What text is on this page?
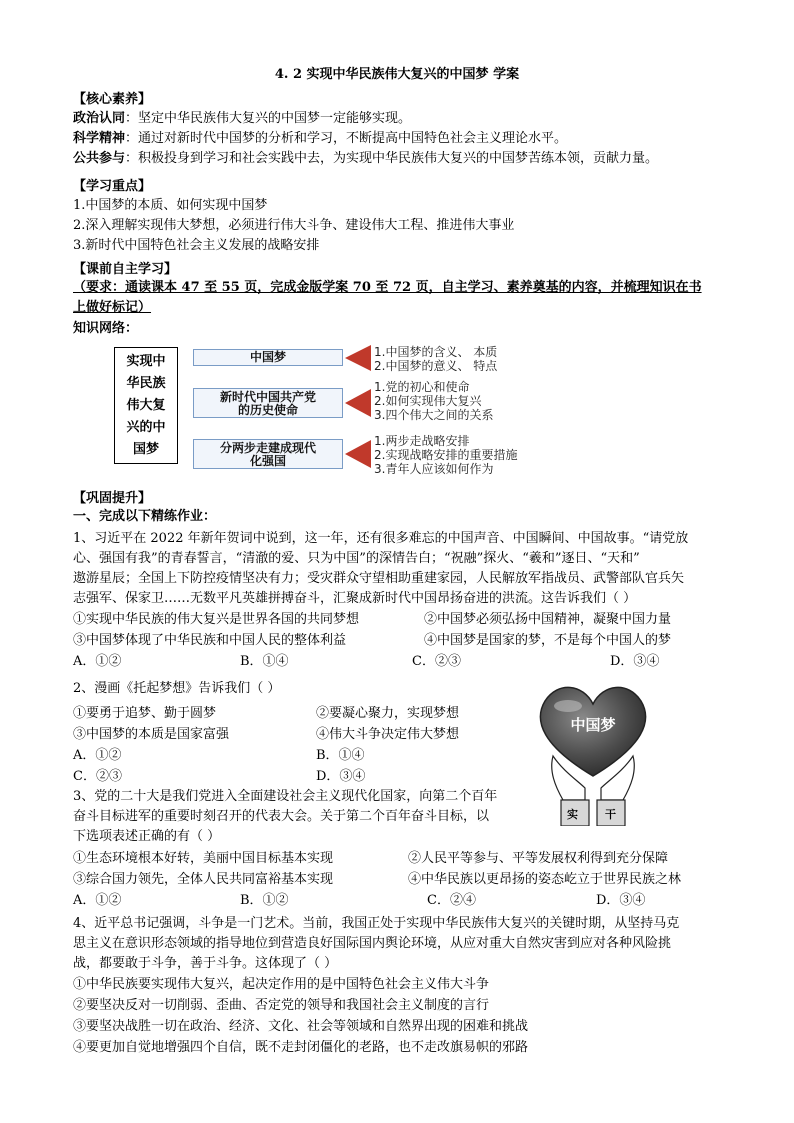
4. 2 实现中华民族伟大复兴的中国梦 学案
【核心素养】
政治认同：坚定中华民族伟大复兴的中国梦一定能够实现。
科学精神：通过对新时代中国梦的分析和学习，不断提高中国特色社会主义理论水平。
公共参与：积极投身到学习和社会实践中去，为实现中华民族伟大复兴的中国梦苦练本领，贡献力量。
【学习重点】
1.中国梦的本质、如何实现中国梦
2.深入理解实现伟大梦想，必须进行伟大斗争、建设伟大工程、推进伟大事业
3.新时代中国特色社会主义发展的战略安排
【课前自主学习】
（要求：通读课本 47 至 55 页，完成金版学案 70 至 72 页，自主学习、素养奠基的内容，并梳理知识在书
上做好标记）
知识网络：
实现中
华民族
伟大复
兴的中
国梦
中国梦	1.中国梦的含义、 本质
2.中国梦的意义、 特点
新时代中国共产党
的历史使命
1.党的初心和使命
2.如何实现伟大复兴
3.四个伟大之间的关系
分两步走建成现代
化强国
1.两步走战略安排
2.实现战略安排的重要措施
3.青年人应该如何作为
【巩固提升】
一、完成以下精练作业：
1、习近平在 2022 年新年贺词中说到，这一年，还有很多难忘的中国声音、中国瞬间、中国故事。“请党放
心、强国有我”的青春誓言，“清澈的爱、只为中国”的深情告白；“祝融”探火、“羲和”逐日、“天和”
遨游星辰；全国上下防控疫情坚决有力；受灾群众守望相助重建家园，人民解放军指战员、武警部队官兵矢
志强军、保家卫……无数平凡英雄拼搏奋斗，汇聚成新时代中国昂扬奋进的洪流。这告诉我们（ ）
①实现中华民族的伟大复兴是世界各国的共同梦想	②中国梦必须弘扬中国精神，凝聚中国力量
③中国梦体现了中华民族和中国人民的整体利益	④中国梦是国家的梦，不是每个中国人的梦
A．①②	B．①④	C．②③	D．③④
2、漫画《托起梦想》告诉我们（ ）
①要勇于追梦、勤于圆梦	②要凝心聚力，实现梦想
③中国梦的本质是国家富强	④伟大斗争决定伟大梦想
A．①②	B．①④
C．②③	D．③④
中国梦
实 干
3、党的二十大是我们党进入全面建设社会主义现代化国家，向第二个百年
奋斗目标进军的重要时刻召开的代表大会。关于第二个百年奋斗目标，以
下选项表述正确的有（ ）
①生态环境根本好转，美丽中国目标基本实现	②人民平等参与、平等发展权利得到充分保障
③综合国力领先，全体人民共同富裕基本实现	④中华民族以更昂扬的姿态屹立于世界民族之林
A．①②	B．①②	C．②④	D．③④
4、近平总书记强调，斗争是一门艺术。当前，我国正处于实现中华民族伟大复兴的关键时期，从坚持马克
思主义在意识形态领域的指导地位到营造良好国际国内舆论环境，从应对重大自然灾害到应对各种风险挑
战，都要敢于斗争，善于斗争。这体现了（ ）
①中华民族要实现伟大复兴，起决定作用的是中国特色社会主义伟大斗争
②要坚决反对一切削弱、歪曲、否定党的领导和我国社会主义制度的言行
③要坚决战胜一切在政治、经济、文化、社会等领域和自然界出现的困难和挑战
④要更加自觉地增强四个自信，既不走封闭僵化的老路，也不走改旗易帜的邪路
